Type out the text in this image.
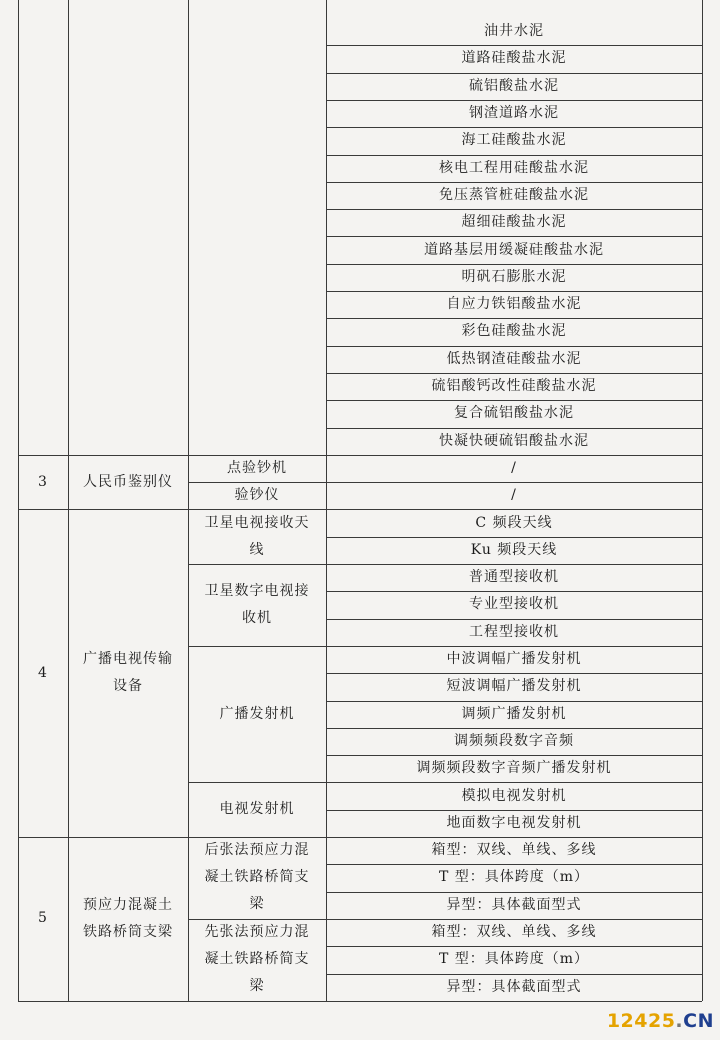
油井水泥
道路硅酸盐水泥
硫铝酸盐水泥
钢渣道路水泥
海工硅酸盐水泥
核电工程用硅酸盐水泥
免压蒸管桩硅酸盐水泥
超细硅酸盐水泥
道路基层用缓凝硅酸盐水泥
明矾石膨胀水泥
自应力铁铝酸盐水泥
彩色硅酸盐水泥
低热钢渣硅酸盐水泥
硫铝酸钙改性硅酸盐水泥
复合硫铝酸盐水泥
快凝快硬硫铝酸盐水泥
/
点验钞机
/
验钞仪
3	人民币鉴别仪
C 频段天线
Ku 频段天线
卫星电视接收天线
普通型接收机
专业型接收机
工程型接收机
卫星数字电视接收机
中波调幅广播发射机
短波调幅广播发射机
调频广播发射机
调频频段数字音频
调频频段数字音频广播发射机
广播发射机
模拟电视发射机
地面数字电视发射机
电视发射机
4
广播电视传输设备
箱型：双线、单线、多线
T 型：具体跨度（m）
异型：具体截面型式
后张法预应力混凝土铁路桥简支梁
箱型：双线、单线、多线
T 型：具体跨度（m）
异型：具体截面型式
先张法预应力混凝土铁路桥简支梁
5
预应力混凝土铁路桥筒支梁
12425.CN
